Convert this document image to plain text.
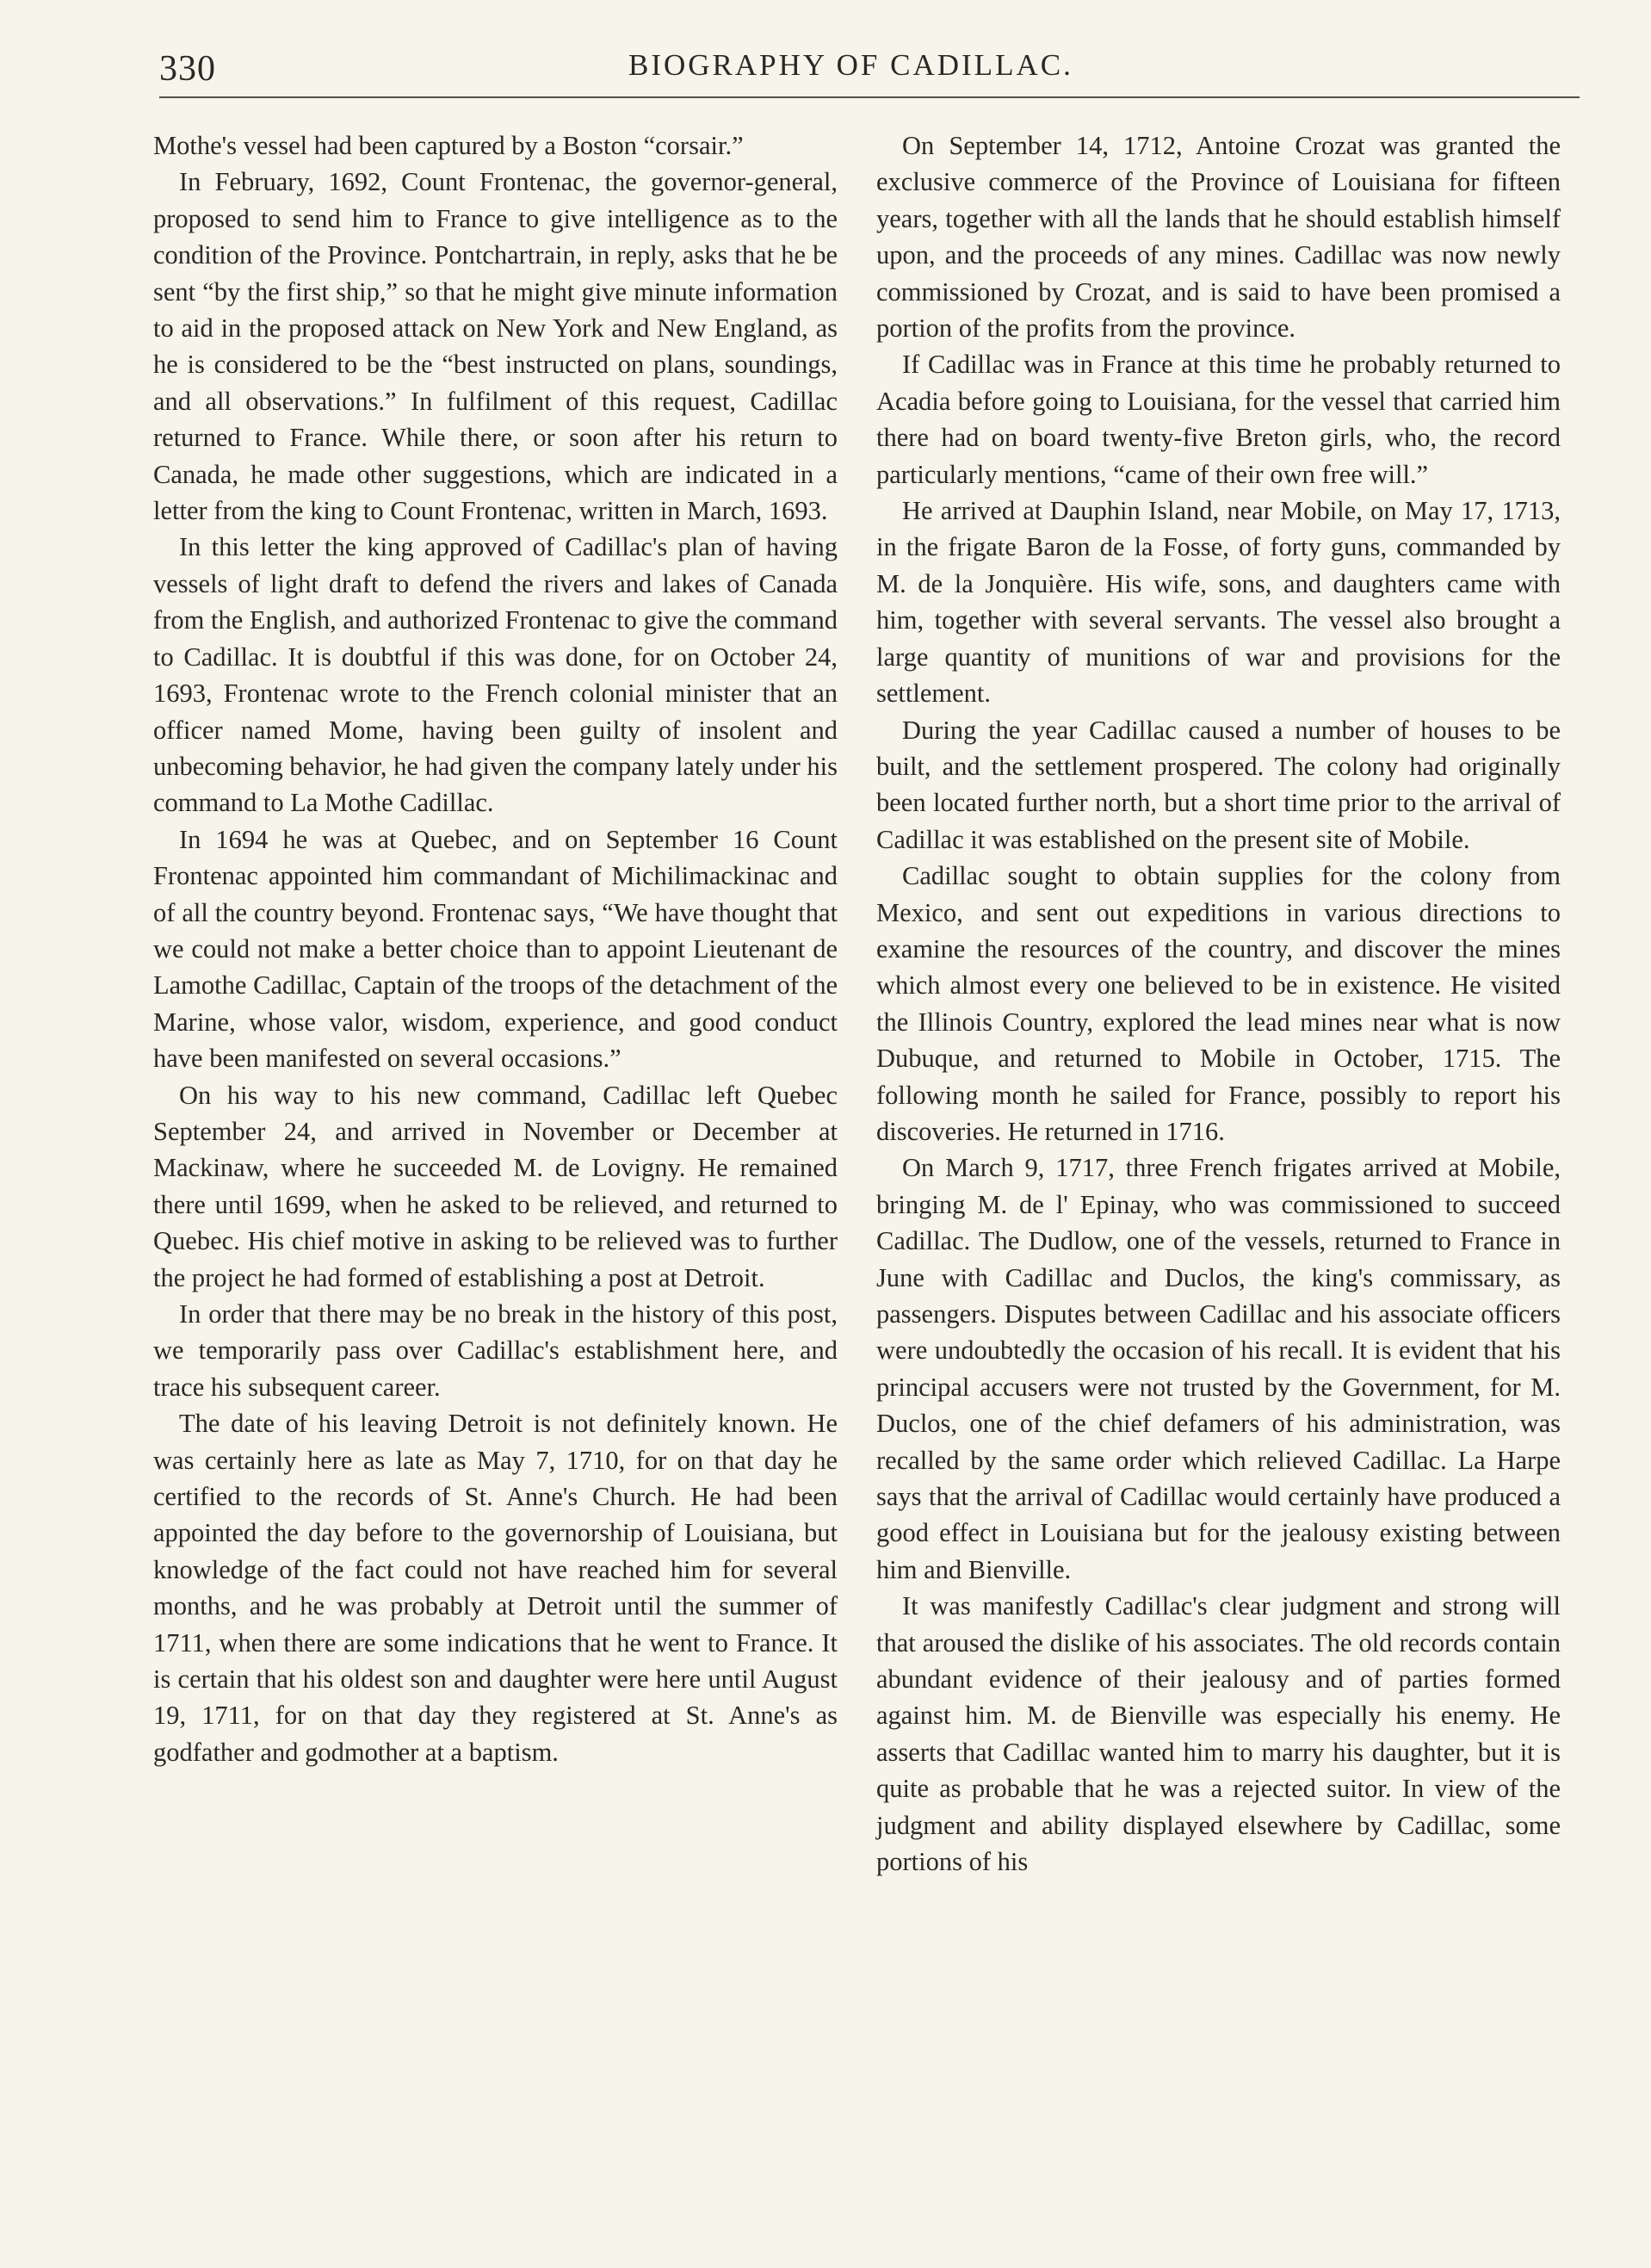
330	BIOGRAPHY OF CADILLAC.

Mothe's vessel had been captured by a Boston “corsair.”

In February, 1692, Count Frontenac, the governor-general, proposed to send him to France to give intelligence as to the condition of the Province. Pontchartrain, in reply, asks that he be sent “by the first ship,” so that he might give minute information to aid in the proposed attack on New York and New England, as he is considered to be the “best instructed on plans, soundings, and all observations.” In fulfilment of this request, Cadillac returned to France. While there, or soon after his return to Canada, he made other suggestions, which are indicated in a letter from the king to Count Frontenac, written in March, 1693.

In this letter the king approved of Cadillac's plan of having vessels of light draft to defend the rivers and lakes of Canada from the English, and authorized Frontenac to give the command to Cadillac. It is doubtful if this was done, for on October 24, 1693, Frontenac wrote to the French colonial minister that an officer named Mome, having been guilty of insolent and unbecoming behavior, he had given the company lately under his command to La Mothe Cadillac.

In 1694 he was at Quebec, and on September 16 Count Frontenac appointed him commandant of Michilimackinac and of all the country beyond. Frontenac says, “We have thought that we could not make a better choice than to appoint Lieutenant de Lamothe Cadillac, Captain of the troops of the detachment of the Marine, whose valor, wisdom, experience, and good conduct have been manifested on several occasions.”

On his way to his new command, Cadillac left Quebec September 24, and arrived in November or December at Mackinaw, where he succeeded M. de Lovigny. He remained there until 1699, when he asked to be relieved, and returned to Quebec. His chief motive in asking to be relieved was to further the project he had formed of establishing a post at Detroit.

In order that there may be no break in the history of this post, we temporarily pass over Cadillac's establishment here, and trace his subsequent career.

The date of his leaving Detroit is not definitely known. He was certainly here as late as May 7, 1710, for on that day he certified to the records of St. Anne's Church. He had been appointed the day before to the governorship of Louisiana, but knowledge of the fact could not have reached him for several months, and he was probably at Detroit until the summer of 1711, when there are some indications that he went to France. It is certain that his oldest son and daughter were here until August 19, 1711, for on that day they registered at St. Anne's as godfather and godmother at a baptism.

On September 14, 1712, Antoine Crozat was granted the exclusive commerce of the Province of Louisiana for fifteen years, together with all the lands that he should establish himself upon, and the proceeds of any mines. Cadillac was now newly commissioned by Crozat, and is said to have been promised a portion of the profits from the province.

If Cadillac was in France at this time he probably returned to Acadia before going to Louisiana, for the vessel that carried him there had on board twenty-five Breton girls, who, the record particularly mentions, “came of their own free will.”

He arrived at Dauphin Island, near Mobile, on May 17, 1713, in the frigate Baron de la Fosse, of forty guns, commanded by M. de la Jonquière. His wife, sons, and daughters came with him, together with several servants. The vessel also brought a large quantity of munitions of war and provisions for the settlement.

During the year Cadillac caused a number of houses to be built, and the settlement prospered. The colony had originally been located further north, but a short time prior to the arrival of Cadillac it was established on the present site of Mobile.

Cadillac sought to obtain supplies for the colony from Mexico, and sent out expeditions in various directions to examine the resources of the country, and discover the mines which almost every one believed to be in existence. He visited the Illinois Country, explored the lead mines near what is now Dubuque, and returned to Mobile in October, 1715. The following month he sailed for France, possibly to report his discoveries. He returned in 1716.

On March 9, 1717, three French frigates arrived at Mobile, bringing M. de l' Epinay, who was commissioned to succeed Cadillac. The Dudlow, one of the vessels, returned to France in June with Cadillac and Duclos, the king's commissary, as passengers. Disputes between Cadillac and his associate officers were undoubtedly the occasion of his recall. It is evident that his principal accusers were not trusted by the Government, for M. Duclos, one of the chief defamers of his administration, was recalled by the same order which relieved Cadillac. La Harpe says that the arrival of Cadillac would certainly have produced a good effect in Louisiana but for the jealousy existing between him and Bienville.

It was manifestly Cadillac's clear judgment and strong will that aroused the dislike of his associates. The old records contain abundant evidence of their jealousy and of parties formed against him. M. de Bienville was especially his enemy. He asserts that Cadillac wanted him to marry his daughter, but it is quite as probable that he was a rejected suitor. In view of the judgment and ability displayed elsewhere by Cadillac, some portions of his
